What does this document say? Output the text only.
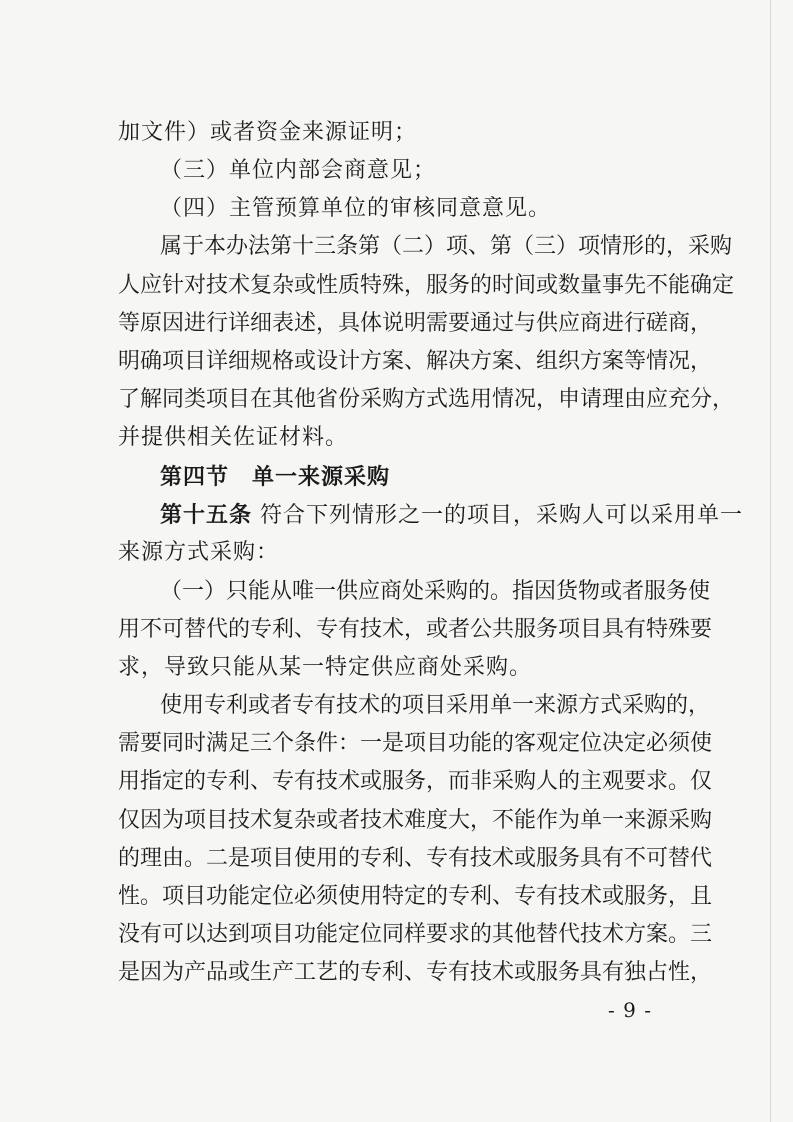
加文件）或者资金来源证明；
（三）单位内部会商意见；
（四）主管预算单位的审核同意意见。
属于本办法第十三条第（二）项、第（三）项情形的，采购
人应针对技术复杂或性质特殊，服务的时间或数量事先不能确定
等原因进行详细表述，具体说明需要通过与供应商进行磋商，
明确项目详细规格或设计方案、解决方案、组织方案等情况，
了解同类项目在其他省份采购方式选用情况，申请理由应充分，
并提供相关佐证材料。
第四节　单一来源采购
第十五条 符合下列情形之一的项目，采购人可以采用单一
来源方式采购：
（一）只能从唯一供应商处采购的。指因货物或者服务使
用不可替代的专利、专有技术，或者公共服务项目具有特殊要
求，导致只能从某一特定供应商处采购。
使用专利或者专有技术的项目采用单一来源方式采购的，
需要同时满足三个条件：一是项目功能的客观定位决定必须使
用指定的专利、专有技术或服务，而非采购人的主观要求。仅
仅因为项目技术复杂或者技术难度大，不能作为单一来源采购
的理由。二是项目使用的专利、专有技术或服务具有不可替代
性。项目功能定位必须使用特定的专利、专有技术或服务，且
没有可以达到项目功能定位同样要求的其他替代技术方案。三
是因为产品或生产工艺的专利、专有技术或服务具有独占性，
- 9 -
